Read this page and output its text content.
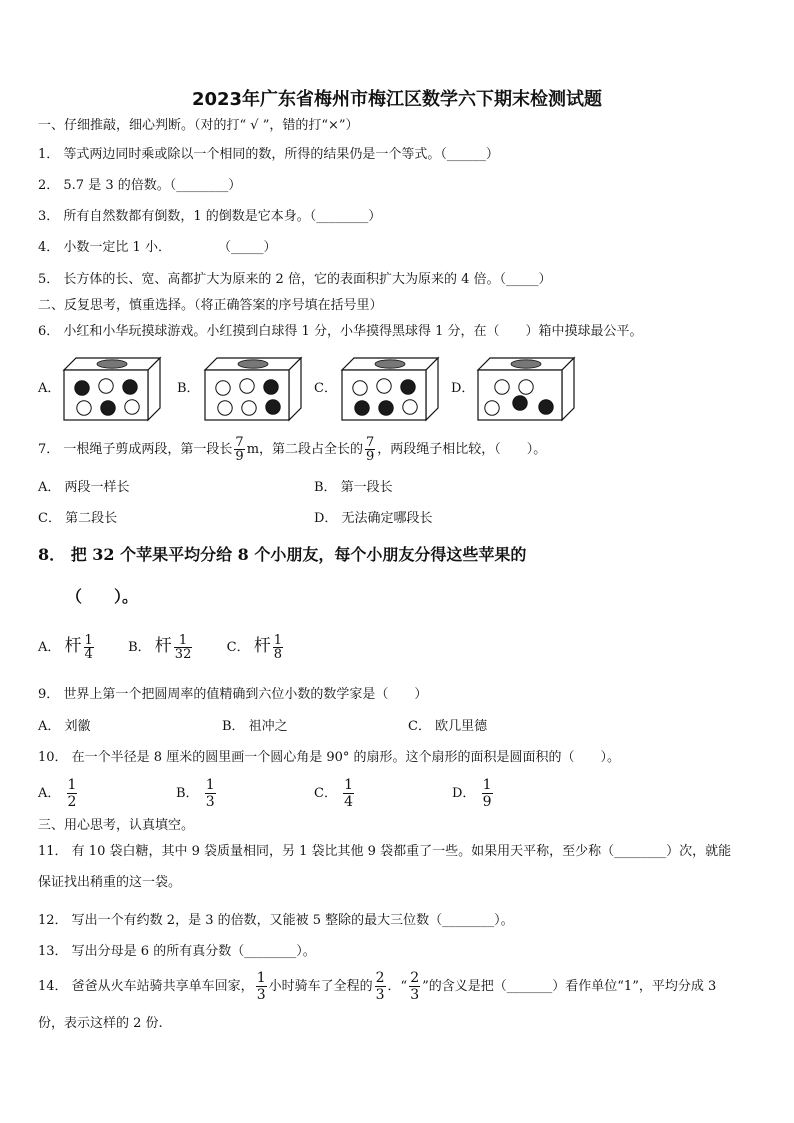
2023年广东省梅州市梅江区数学六下期末检测试题
一、仔细推敲，细心判断。（对的打“ √ ”，错的打“×”）
1． 等式两边同时乘或除以一个相同的数，所得的结果仍是一个等式。（______）
2． 5.7 是 3 的倍数。（________）
3． 所有自然数都有倒数，1 的倒数是它本身。（________）
4． 小数一定比 1 小．	（_____）
5． 长方体的长、宽、高都扩大为原来的 2 倍，它的表面积扩大为原来的 4 倍。（_____）
二、反复思考，慎重选择。（将正确答案的序号填在括号里）
6． 小红和小华玩摸球游戏。小红摸到白球得 1 分，小华摸得黑球得 1 分，在（　　）箱中摸球最公平。
A．	B．	C．	D．
7． 一根绳子剪成两段，第一段长 $\frac{7}{9}$ m，第二段占全长的 $\frac{7}{9}$ ，两段绳子相比较，（　　）。
A． 两段一样长	B． 第一段长
C． 第二段长	D． 无法确定哪段长
8． 把 32 个苹果平均分给 8 个小朋友，每个小朋友分得这些苹果的
（　　）。
A． 杆 $\frac{1}{4}$	B． 杆 $\frac{1}{32}$	C． 杆 $\frac{1}{8}$
9． 世界上第一个把圆周率的值精确到六位小数的数学家是（　　）
A． 刘徽	B． 祖冲之	C． 欧几里德
10． 在一个半径是 8 厘米的圆里画一个圆心角是 90° 的扇形。这个扇形的面积是圆面积的（　　）。
A． $\frac{1}{2}$	B． $\frac{1}{3}$	C． $\frac{1}{4}$	D． $\frac{1}{9}$
三、用心思考，认真填空。
11． 有 10 袋白糖，其中 9 袋质量相同，另 1 袋比其他 9 袋都重了一些。如果用天平称，至少称（________）次，就能
保证找出稍重的这一袋。
12． 写出一个有约数 2，是 3 的倍数，又能被 5 整除的最大三位数（________）。
13． 写出分母是 6 的所有真分数（________）。
14． 爸爸从火车站骑共享单车回家， $\frac{1}{3}$ 小时骑车了全程的 $\frac{2}{3}$ ．“ $\frac{2}{3}$ ”的含义是把（_______）看作单位“1”，平均分成 3
份，表示这样的 2 份.
